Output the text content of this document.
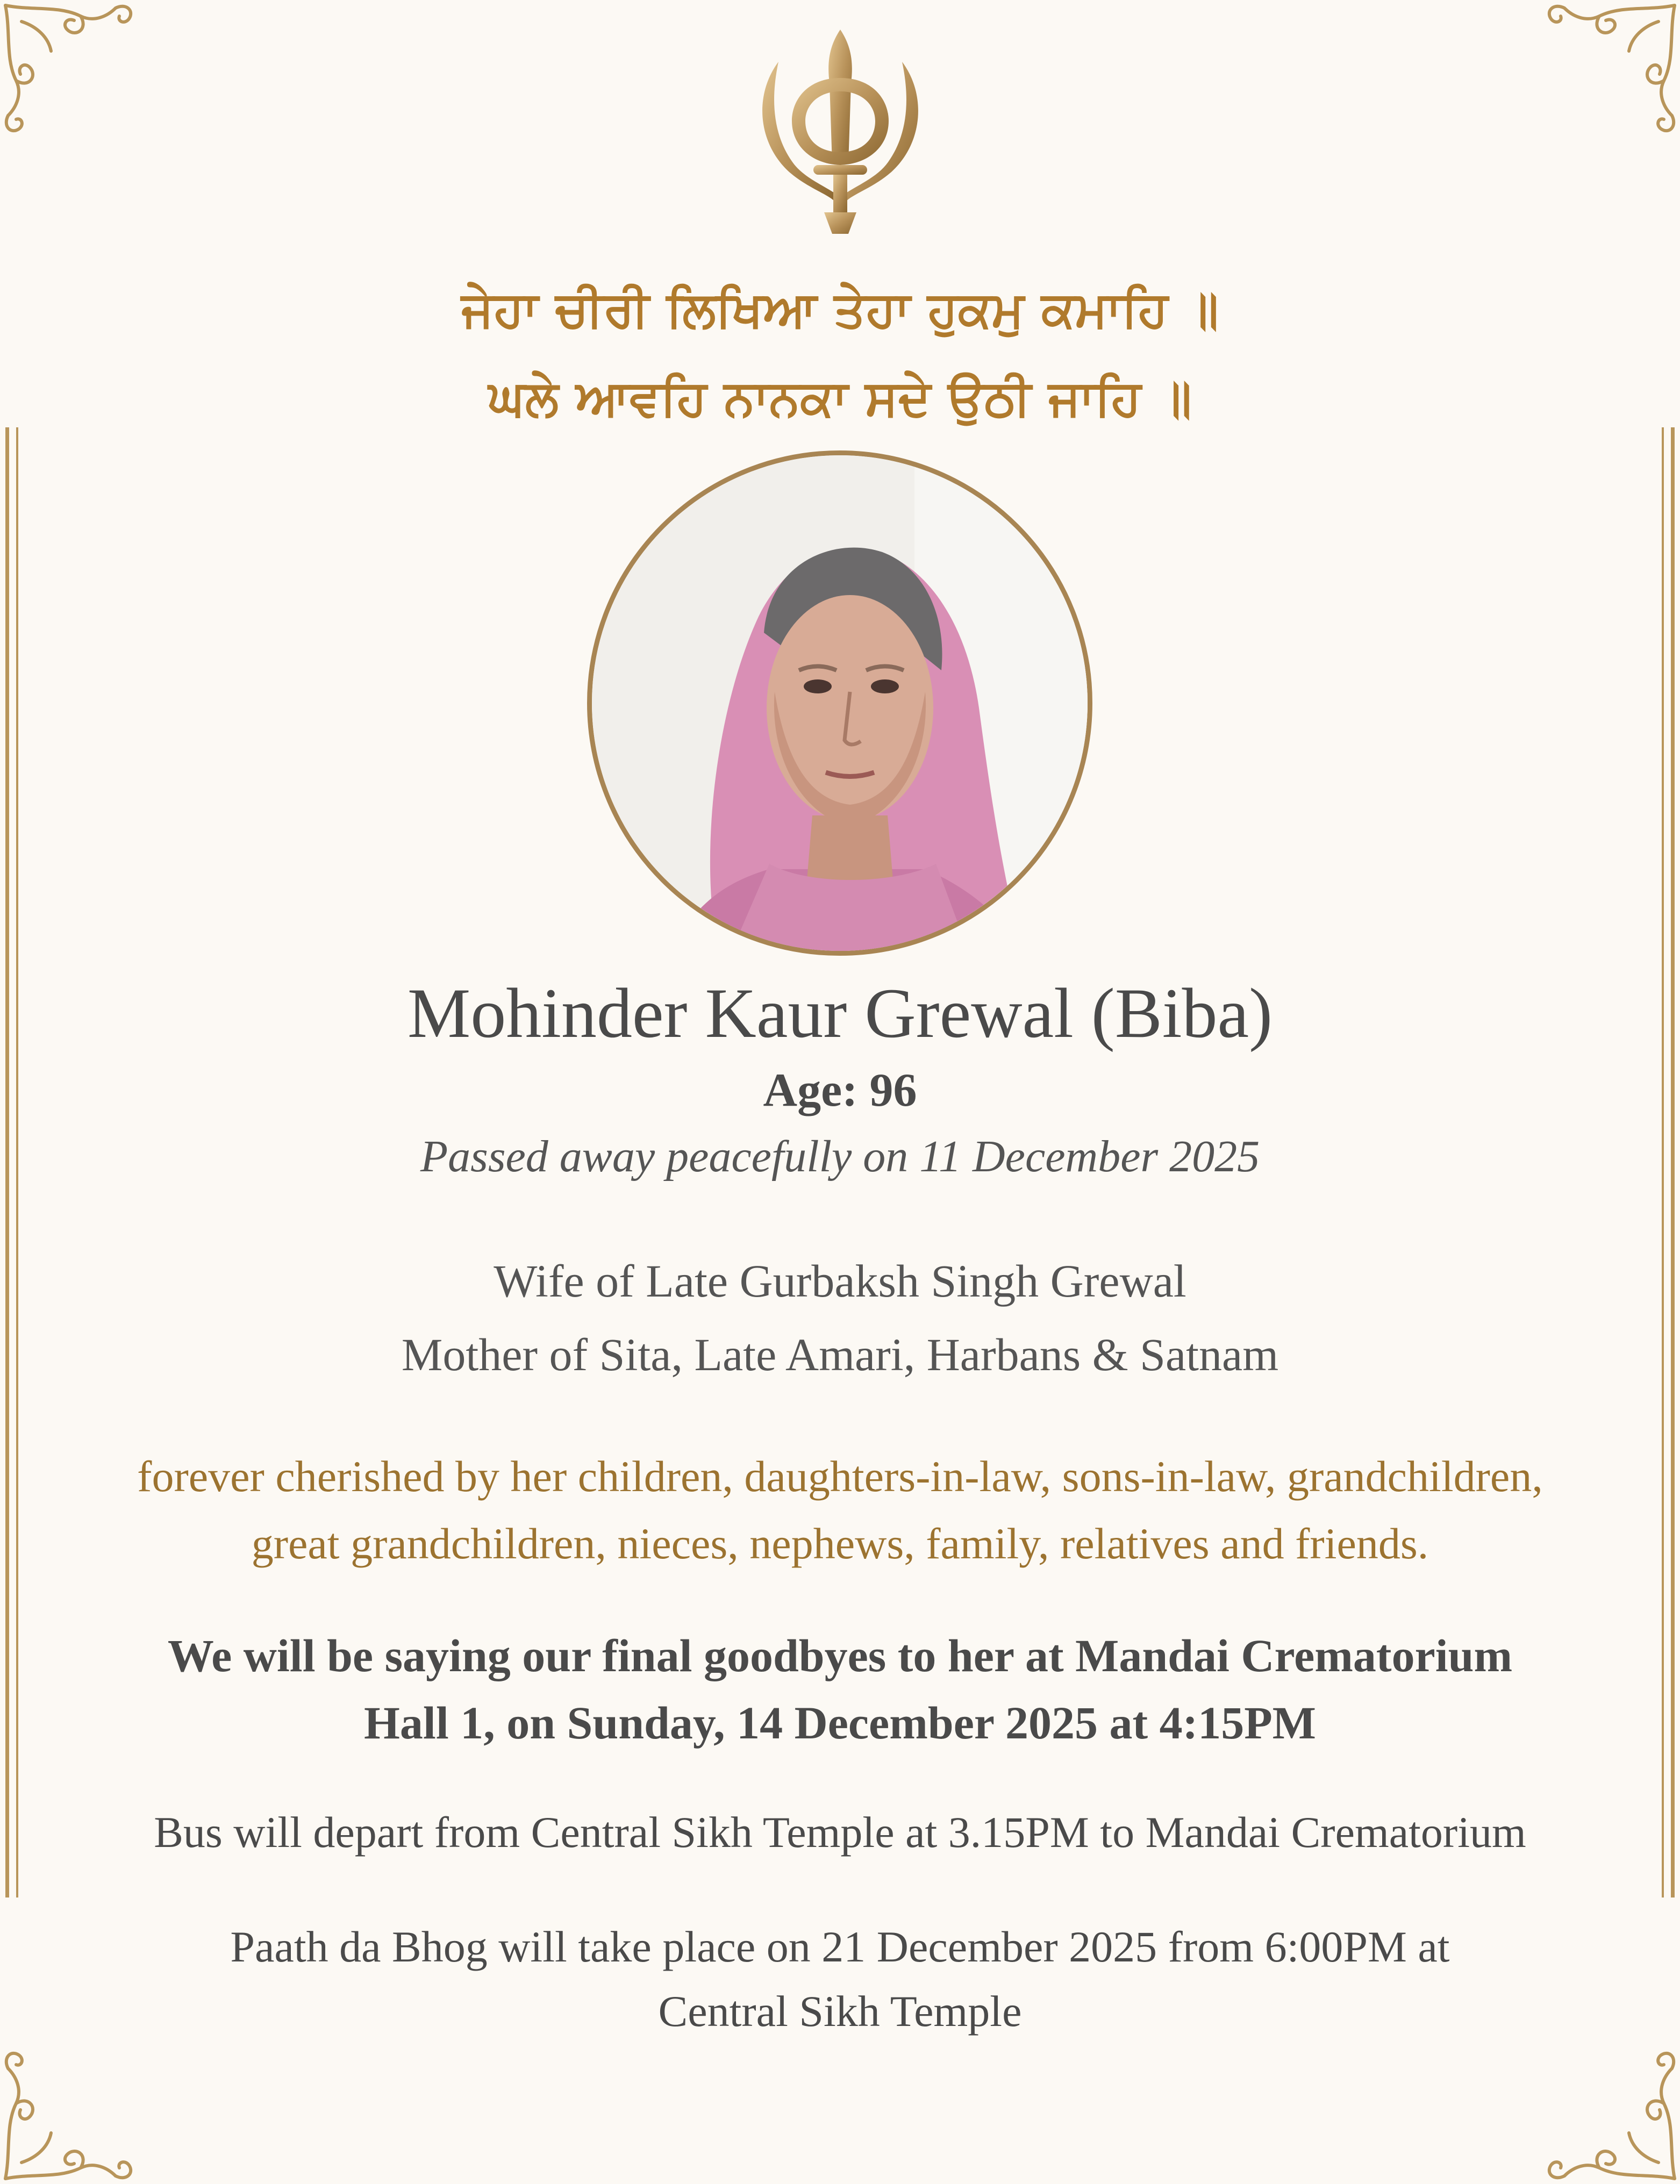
ਜੇਹਾ ਚੀਰੀ ਲਿਖਿਆ ਤੇਹਾ ਹੁਕਮੁ ਕਮਾਹਿ ॥
ਘਲੇ ਆਵਹਿ ਨਾਨਕਾ ਸਦੇ ਉਠੀ ਜਾਹਿ ॥
Mohinder Kaur Grewal (Biba)
Age: 96
Passed away peacefully on 11 December 2025
Wife of Late Gurbaksh Singh Grewal
Mother of Sita, Late Amari, Harbans & Satnam
forever cherished by her children, daughters-in-law, sons-in-law, grandchildren,
great grandchildren, nieces, nephews, family, relatives and friends.
We will be saying our final goodbyes to her at Mandai Crematorium
Hall 1, on Sunday, 14 December 2025 at 4:15PM
Bus will depart from Central Sikh Temple at 3.15PM to Mandai Crematorium
Paath da Bhog will take place on 21 December 2025 from 6:00PM at
Central Sikh Temple
